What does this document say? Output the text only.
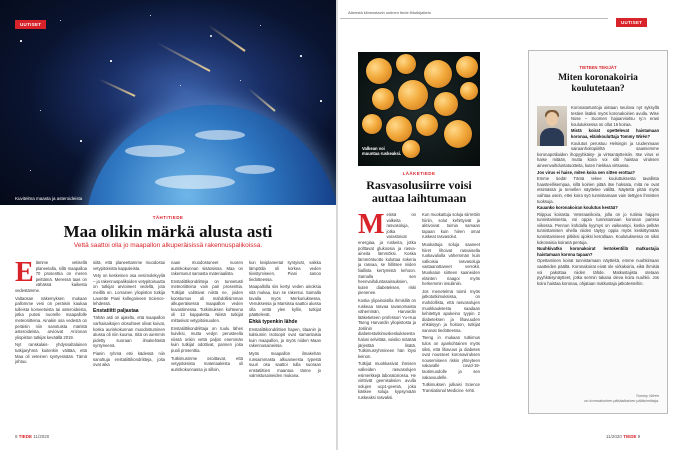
UUTISET
Kuvitelma maasta ja asteroideista
TÄHTITIEDE
Maa olikin märkä alusta asti
Vettä saattoi olla jo maapallon alkuperäisissä rakennuspalikoissa.
E lämme vetisellä planeetalla, sillä maapalloa 70 prosenttia on meren peittämä. Meressä taas on vähässä kaikesta vedestämme.

Valtaosan näkemyksen mukaan pallomme vesi on peräisin kaukaa tulleista komeetoista tai asteroideista, jotka putosi nuorelle maapallolle meteoriitteina. Ainakin osa vedestä on peräisin niin sanotuista märistä asteroideista, arvioivat Arizonan yliopiston tutkijat keväällä 2019.

Nyt ranskalais- yhdysvaltalainen tutkijaryhmä kuitenkin väittää, että Maa oli veteinen syntyessään. Tämä johtuu

siitä, että planeettamme muodostui vetypitoisista kappaleista.

Vety on keskeinen osa vesimolekyyliä – ja rakennuspalikoiden vetypitoisuutta on tutkijat arvioineet vedellä, jota meilllä on. Lorrainen yliopiston tutkija Laurette Piani kollegoineen Science-lehdessä.

Enstatiitti paljastaa

Tähän asti on ajateltu, että maapallon varhaisaikojen olosuhteet olivat kuivat, koska aurinkokunnan muodostuminen alussa oli niin kuuma. Sitä on aiemmin pidetty suoraan ilmakehästä syntyneenä.

Pianin ryhmä etsi kädessä niin sanottuja enstatiittikondriitteja, joita ovat aika

naan muodostuneet nuoren aurinkokunnan sisäosissa. Maa on rakentunut samasta materiaalista.

Enstatiittikondriitteja on tunnetusti meteoriitteina vain pari prosenttia. Tutkijat valitsivat niistä ne, joiden koostumus oli mahdollisimman alkuperäisessä maapallon veden kuvastimessa. Tutkimuksen kohteena oli 13 kappaletta. Niistä tutkijat mittasivat vetypitoisuuden.

Enstatiittikondriittaja on tuulu lähes kuiviksi, mutta vedyn perusteella niissä onkin vettä paljon enemmän kuin tutkijat odottivat, pannen joita puoli prosenttia.

Tutkimusmme osoittavat, että vetypitoisista materiaaleista oli aurinkokunnassa jo silloin,

kun kiviplaneetat syntyivät, vaikka lämpötila oli korkea veden tiivistymiseen, Piani sanoo tiedotteessa.

Maapallolla siis kertyi veden ainoksia sitä mukaa, kun se rakentui. Samalla tavalla myös Merkuriuksessa, Venuksessa ja Marsissa saattoi alussa olla vettä ylen kyllin, tutkijat päättelevät.

Ehkä typenkin lähde

Enstatiittikondriittien hapen, titaanin ja kalsiumin isotoopit ovat samanlaisia kuin maapallon, ja myös niiden Maan rakennusaineissa.

Myös maapallon ilmakehän runsaimmasta alkuaineesta typestä suuri osa saattoi tulla suoraan enstatiittien maantua tänne jo valmistusaineiden mukana.

8 TIEDE 11/2020
Äänestä kiinnostavin uutinen tiede.fi/tutkijatieto
UUTISET
Valkean voi
muuntaa ruskeaksi.
LÄÄKETIEDE
Rasvasolusiirre voisi
auttaa laihtumaan
M eissä on valkeita rasvasoluja, jotka varastoivat energiaa, ja ruskeita, jotka polttavat glukoosia ja rasva- aineita lämmöksi. Koska lämmöntuotto kuluttaa sokeria ja rasvaa, se hillitsee niiden liiallista kertymistä kehoon. Samalla sen heenvaihduntasairauksien, kuten diabeteksen, riski pienenee.

Koska ylipainoisilla ihmisillä on ruskeaa rasvaa tavanomaista vähemmän, Harvardin lääketieteen professori Yu-Hua Tseng Harvardin yliopistosta ja Joslinin diabetestutkimuskeskukseesta halusi selvittää, voisiko määrää järjestää lisätä. Tutkimusryhmineen hän löysi keinon.

Tutkijat muokkasivat ihmisen valkeiden rasvasolujen esimerkkejä laboratoriossa. He virittivät geenisaksien avulla solujen ucp1-geeniä, joka käskee soluja kypsymään ruskeaksi rasvaksi.

Kun muokattuja soluja siirrettiin hiiriin, solut kehittyivät ja aktivoivat toimia samaan tapaan kuin hiiren omat ruskeat rasvasolut.

Muokattuja soluja saaneet hiiret lihoivat rasvaisella ruokavaliolla vähemmän kuin valkoisia rasvasoluja vastaanottaneet verrokit. Muokatun siirteen saaneiden eläinten riaagoi myös herkemmin insuliiniin.

Jos menetelmä toimii myös jatkotutkimuksissa, on mahdollista, että rasvasolujen muokkauksesta saadaan kehitettyä apukeino tyypin 2 diabeteksen ja lihavuuden ehkäisyyn ja hoitoon, tutkijat sanovat tiedotteessa.

Tseng in mukaan tutkimus tulos on ajankohtainen myös siksi, että lihavuus ja diabetes ovat nousseet koronaviruksen nousemiseen riskin yhteyteen vakavalle covid-19-tautimuodolle ja sen vakavuudelle.

Tutkimuksen julkaisi Science Translational Medicine -lehti.

TIETEEN TEKIJÄT
Miten koronakoiria
koulutetaan?

Koronatartuntoja aistaan seulova nyt syksyllä testien lisäksi myös koronakoirien avulla. Wise Nose – Suomen hajuarvioitsu ry:n erasi koulutuksessa on ollut 16 koiraa.

Mistä koirat opettelevat haistamaan koronaa, eläinkouluttaja Tommy Wirén?

Koulutus perustuu Helsingin ja Uudenmaan sairaanhoitopiiriltä saamiemme koronapotilaiden ihopyyhkäisy- ja virtsanäytteisiin. Itse virus ei haise mitään, mutta koira voi silti haistaa viruksen aineenvaihduntatuotteita, kuten hiekkaa virtsassa.

Jos virus ei haise, miten koira sen sitten erottaa?

Emme tiedä! Tämä tekee kouluttuksesta tavallista haasteellisempaa, sillä koirien pitää itse hoksata, mitä ne ovat etsimässä ja tervellen näyttelee väliltä. Näytettä pitää myös vaihtaa usein, ettei koira syö tunnistamaan vain tiettyjen ihmisten tuoksuja.

Kauanko koronakoiran koulutus kestää?

Riippuu koirasta. Veteraanikoira, jolla on jo rutiinia hajujen tunnistamisesta, voi oppia tunnistamaan koronan parissa viikossa. Pennun kohdalla kyymys on vaikeampi, koska pelkän tunnistamisen ohella niiden täytyy oppia myös keskittymään tunnistamiseen pitkiksi ajoiksi kerrallaan. Koulutuksessa on siksi kokonaisia koiranä pentuja.

Nuuhkivatko koronakoirat lentokentillä matkustajia haistamaan korona tapaan?

Opettaminen koirat tunnistamaan näytteitä, emme nuuhkimaan vaatteiden päältä. Koronakoirat eivät ole virkakoiria, eikä ihmisiä voi pakottaa niiden tähde. Matkustajista otetaan pyyhkäisynäytteet, jotka sermin takana oleva koira nuuhkii. Jos koira haistaa koronaa, ohjataan matkustaja jatkotesteihin.

Tommy Wirén
on koronakoirien pitkäaikaisen päätoimittaja.
11/2020 TIEDE 9
